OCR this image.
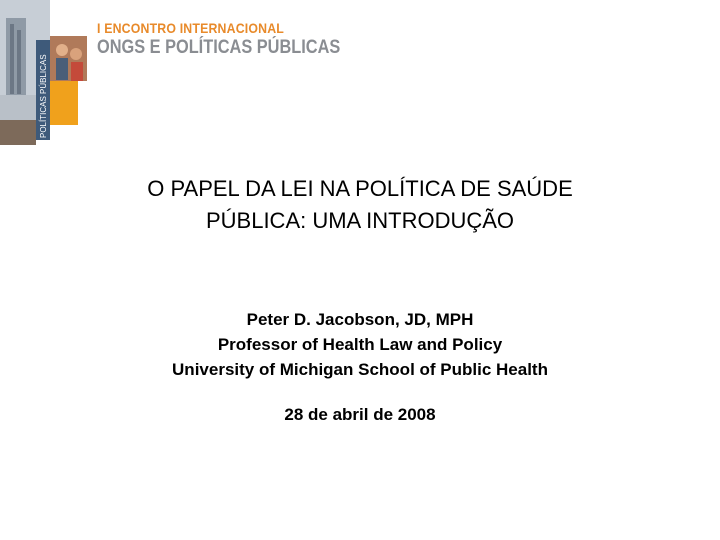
POLÍTICAS PÚBLICAS
I ENCONTRO INTERNACIONAL
ONGS E POLÍTICAS PÚBLICAS
O PAPEL DA LEI NA POLÍTICA DE SAÚDE
PÚBLICA: UMA INTRODUÇÃO
Peter D. Jacobson, JD, MPH
Professor of Health Law and Policy
University of Michigan School of Public Health
28 de abril de 2008
